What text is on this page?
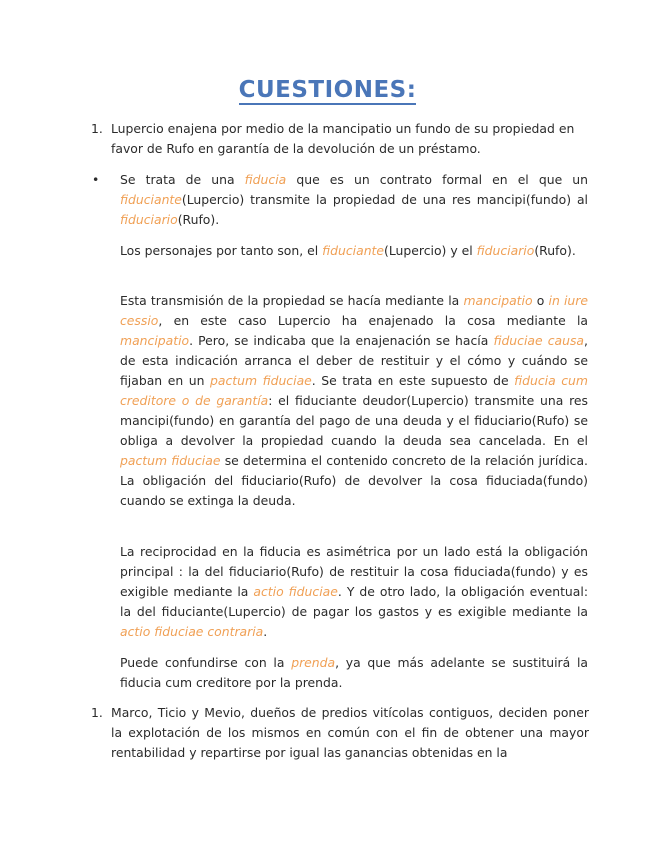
CUESTIONES:
1. Lupercio enajena por medio de la mancipatio un fundo de su propiedad en favor de Rufo en garantía de la devolución de un préstamo.

• Se trata de una fiducia que es un contrato formal en el que un fiduciante(Lupercio) transmite la propiedad de una res mancipi(fundo) al fiduciario(Rufo).

Los personajes por tanto son, el fiduciante(Lupercio) y el fiduciario(Rufo).

Esta transmisión de la propiedad se hacía mediante la mancipatio o in iure cessio, en este caso Lupercio ha enajenado la cosa mediante la mancipatio. Pero, se indicaba que la enajenación se hacía fiduciae causa, de esta indicación arranca el deber de restituir y el cómo y cuándo se fijaban en un pactum fiduciae. Se trata en este supuesto de fiducia cum creditore o de garantía: el fiduciante deudor(Lupercio) transmite una res mancipi(fundo) en garantía del pago de una deuda y el fiduciario(Rufo) se obliga a devolver la propiedad cuando la deuda sea cancelada. En el pactum fiduciae se determina el contenido concreto de la relación jurídica. La obligación del fiduciario(Rufo) de devolver la cosa fiduciada(fundo) cuando se extinga la deuda.

La reciprocidad en la fiducia es asimétrica por un lado está la obligación principal : la del fiduciario(Rufo) de restituir la cosa fiduciada(fundo) y es exigible mediante la actio fiduciae. Y de otro lado, la obligación eventual: la del fiduciante(Lupercio) de pagar los gastos y es exigible mediante la actio fiduciae contraria.

Puede confundirse con la prenda, ya que más adelante se sustituirá la fiducia cum creditore por la prenda.

1. Marco, Ticio y Mevio, dueños de predios vitícolas contiguos, deciden poner la explotación de los mismos en común con el fin de obtener una mayor rentabilidad y repartirse por igual las ganancias obtenidas en la
